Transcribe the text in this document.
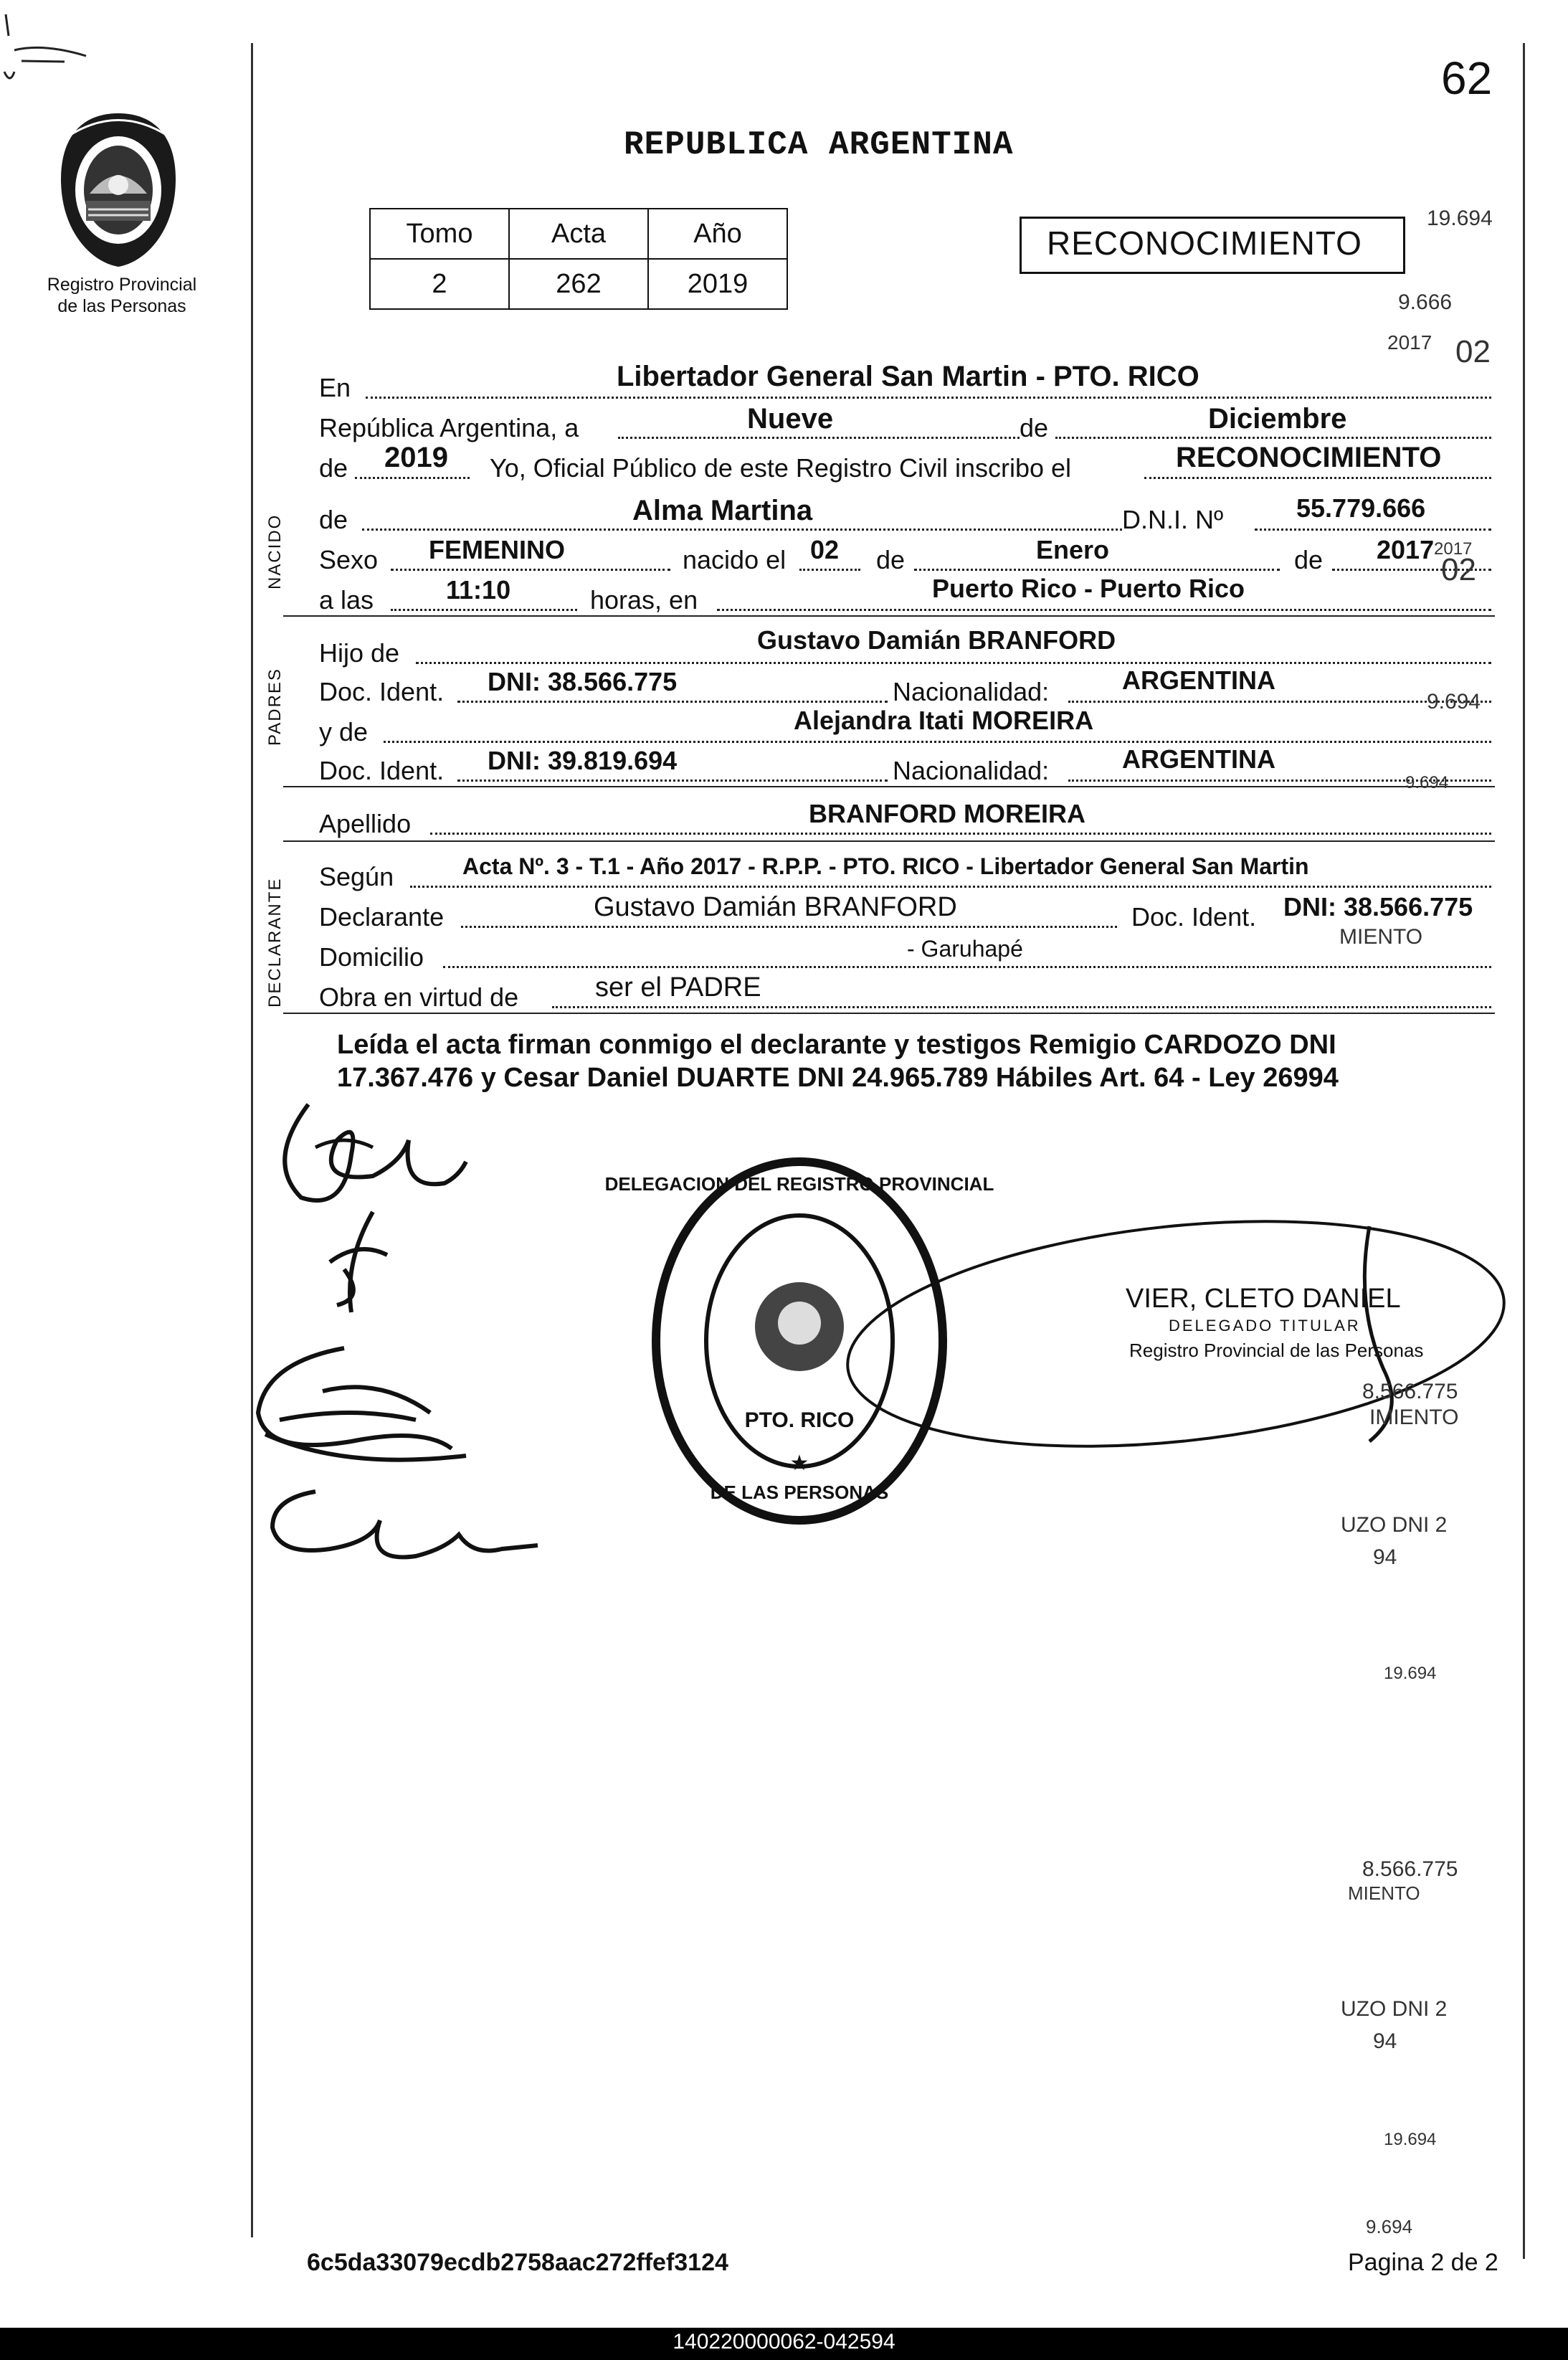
62
Registro Provincial
de las Personas
REPUBLICA ARGENTINA
Tomo	Acta	Año
2	262	2019
RECONOCIMIENTO
NACIDO
PADRES
DECLARANTE
En	Libertador General San Martin - PTO. RICO
República Argentina, a	Nueve	de	Diciembre
de 2019 Yo, Oficial Público de este Registro Civil inscribo el	RECONOCIMIENTO
de	Alma Martina	D.N.I. Nº	55.779.666
Sexo FEMENINO	nacido el 02 de	Enero	de 2017
a las	11:10	horas, en	Puerto Rico - Puerto Rico
Hijo de	Gustavo Damián BRANFORD
Doc. Ident. DNI: 38.566.775	Nacionalidad:	ARGENTINA
y de	Alejandra Itati MOREIRA
Doc. Ident. DNI: 39.819.694	Nacionalidad:	ARGENTINA
Apellido	BRANFORD MOREIRA
Según	Acta Nº. 3 - T.1 - Año 2017 - R.P.P. - PTO. RICO - Libertador General San Martin
Declarante	Gustavo Damián BRANFORD	Doc. Ident. DNI: 38.566.775
Domicilio	- Garuhapé
Obra en virtud de	ser el PADRE
Leída el acta firman conmigo el declarante y testigos Remigio CARDOZO DNI
17.367.476 y Cesar Daniel DUARTE DNI 24.965.789 Hábiles Art. 64 - Ley 26994
DELEGACION DEL REGISTRO PROVINCIAL
DE LAS PERSONAS
PTO. RICO
★
VIER, CLETO DANIEL
DELEGADO TITULAR
Registro Provincial de las Personas
19.694
9.666
2017 02
2017
02
9.694
9.694
MIENTO
8.566.775
IMIENTO
UZO DNI 2
94
19.694
8.566.775
MIENTO
UZO DNI 2
94
19.694
9.694
6c5da33079ecdb2758aac272ffef3124	Pagina 2 de 2
140220000062-042594
